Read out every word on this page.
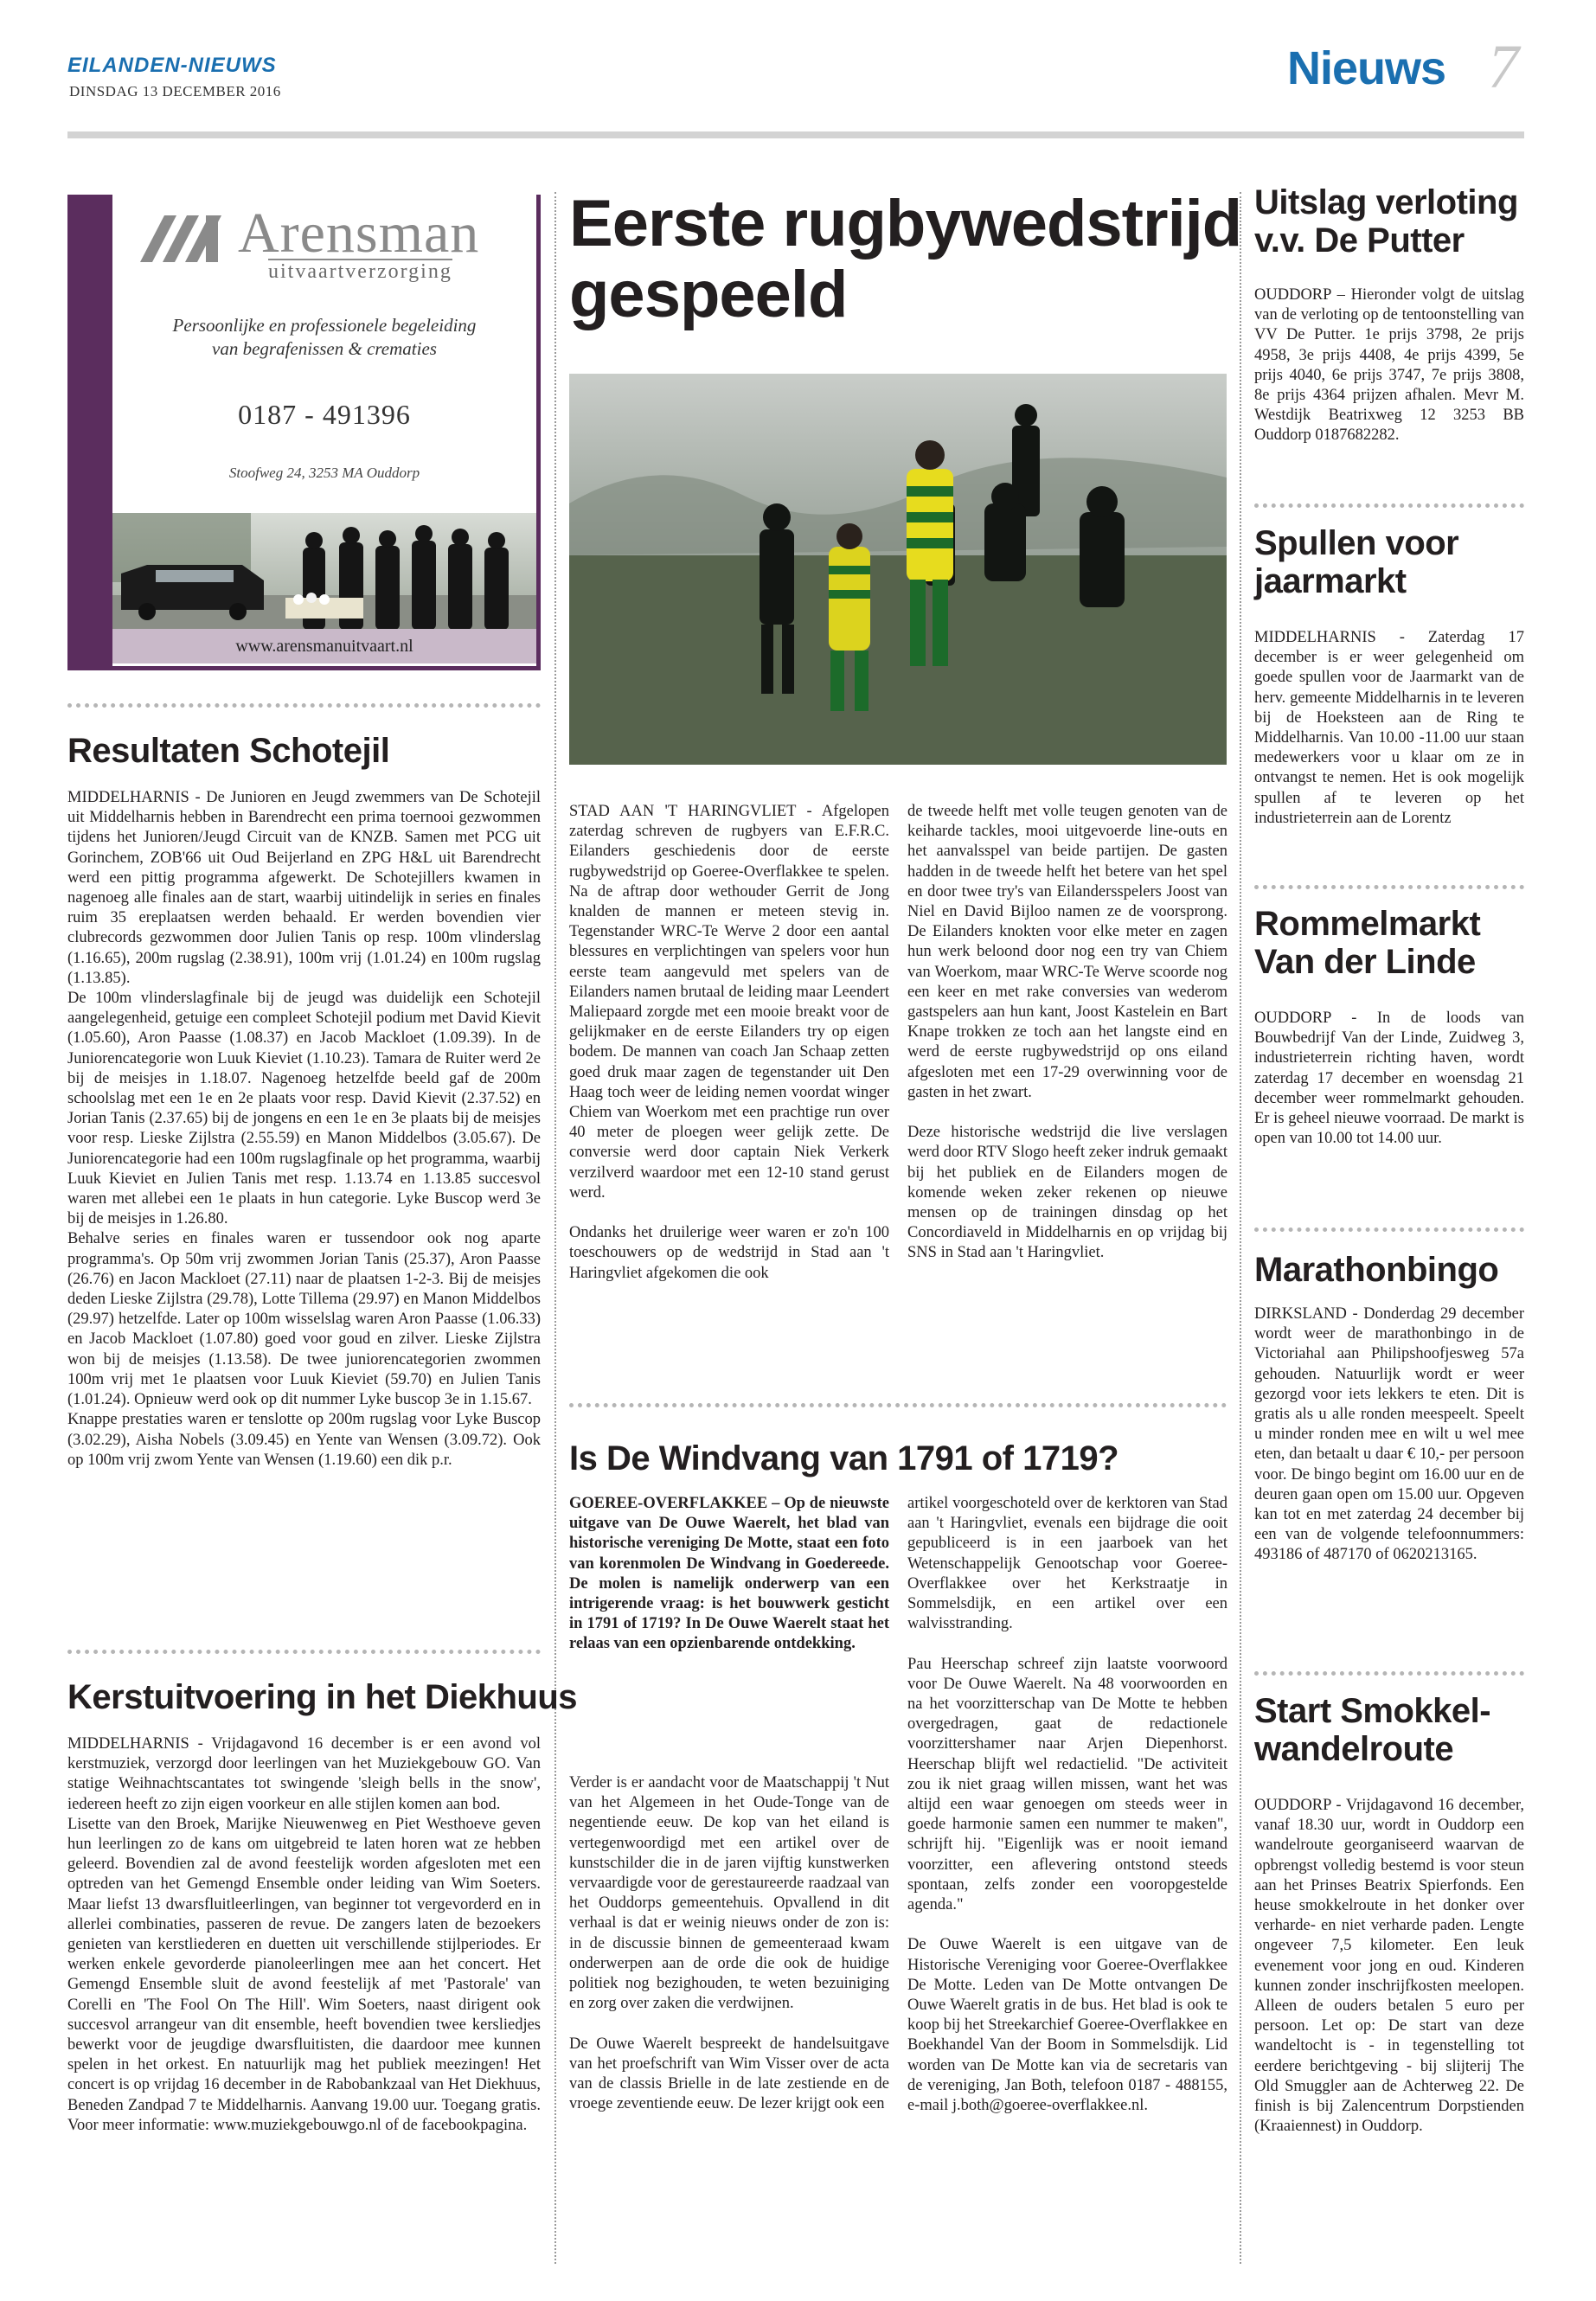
EILANDEN-NIEUWS
DINSDAG 13 DECEMBER 2016	Nieuws 7
Arensman
uitvaartverzorging
Persoonlijke en professionele begeleiding
van begrafenissen & crematies
0187 - 491396
Stoofweg 24, 3253 MA Ouddorp
www.arensmanuitvaart.nl
Resultaten Schotejil

MIDDELHARNIS - De Junioren en Jeugd zwemmers van De Schotejil uit Middelharnis hebben in Barendrecht een prima toernooi gezwommen tijdens het Junioren/Jeugd Circuit van de KNZB. Samen met PCG uit Gorinchem, ZOB'66 uit Oud Beijerland en ZPG H&L uit Barendrecht werd een pittig programma afgewerkt. De Schotejillers kwamen in nagenoeg alle finales aan de start, waarbij uitindelijk in series en finales ruim 35 ereplaatsen werden behaald. Er werden bovendien vier clubrecords gezwommen door Julien Tanis op resp. 100m vlinderslag (1.16.65), 200m rugslag (2.38.91), 100m vrij (1.01.24) en 100m rugslag (1.13.85).
De 100m vlinderslagfinale bij de jeugd was duidelijk een Schotejil aangelegenheid, getuige een compleet Schotejil podium met David Kievit (1.05.60), Aron Paasse (1.08.37) en Jacob Mackloet (1.09.39). In de Juniorencategorie won Luuk Kieviet (1.10.23). Tamara de Ruiter werd 2e bij de meisjes in 1.18.07. Nagenoeg hetzelfde beeld gaf de 200m schoolslag met een 1e en 2e plaats voor resp. David Kievit (2.37.52) en Jorian Tanis (2.37.65) bij de jongens en een 1e en 3e plaats bij de meisjes voor resp. Lieske Zijlstra (2.55.59) en Manon Middelbos (3.05.67). De Juniorencategorie had een 100m rugslagfinale op het programma, waarbij Luuk Kieviet en Julien Tanis met resp. 1.13.74 en 1.13.85 succesvol waren met allebei een 1e plaats in hun categorie. Lyke Buscop werd 3e bij de meisjes in 1.26.80.
Behalve series en finales waren er tussendoor ook nog aparte programma's. Op 50m vrij zwommen Jorian Tanis (25.37), Aron Paasse (26.76) en Jacon Mackloet (27.11) naar de plaatsen 1-2-3. Bij de meisjes deden Lieske Zijlstra (29.78), Lotte Tillema (29.97) en Manon Middelbos (29.97) hetzelfde. Later op 100m wisselslag waren Aron Paasse (1.06.33) en Jacob Mackloet (1.07.80) goed voor goud en zilver. Lieske Zijlstra won bij de meisjes (1.13.58). De twee juniorencategorien zwommen 100m vrij met 1e plaatsen voor Luuk Kieviet (59.70) en Julien Tanis (1.01.24). Opnieuw werd ook op dit nummer Lyke buscop 3e in 1.15.67.
Knappe prestaties waren er tenslotte op 200m rugslag voor Lyke Buscop (3.02.29), Aisha Nobels (3.09.45) en Yente van Wensen (3.09.72). Ook op 100m vrij zwom Yente van Wensen (1.19.60) een dik p.r.

Kerstuitvoering in het Diekhuus

MIDDELHARNIS - Vrijdagavond 16 december is er een avond vol kerstmuziek, verzorgd door leerlingen van het Muziekgebouw GO. Van statige Weihnachtscantates tot swingende 'sleigh bells in the snow', iedereen heeft zo zijn eigen voorkeur en alle stijlen komen aan bod.
Lisette van den Broek, Marijke Nieuwenweg en Piet Westhoeve geven hun leerlingen zo de kans om uitgebreid te laten horen wat ze hebben geleerd. Bovendien zal de avond feestelijk worden afgesloten met een optreden van het Gemengd Ensemble onder leiding van Wim Soeters. Maar liefst 13 dwarsfluitleerlingen, van beginner tot vergevorderd en in allerlei combinaties, passeren de revue. De zangers laten de bezoekers genieten van kerstliederen en duetten uit verschillende stijlperiodes. Er werken enkele gevorderde pianoleerlingen mee aan het concert. Het Gemengd Ensemble sluit de avond feestelijk af met 'Pastorale' van Corelli en 'The Fool On The Hill'. Wim Soeters, naast dirigent ook succesvol arrangeur van dit ensemble, heeft bovendien twee kersliedjes bewerkt voor de jeugdige dwarsfluitisten, die daardoor mee kunnen spelen in het orkest. En natuurlijk mag het publiek meezingen! Het concert is op vrijdag 16 december in de Rabobankzaal van Het Diekhuus, Beneden Zandpad 7 te Middelharnis. Aanvang 19.00 uur. Toegang gratis. Voor meer informatie: www.muziekgebouwgo.nl of de facebookpagina.

Eerste rugbywedstrijd
gespeeld

STAD AAN 'T HARINGVLIET - Afgelopen zaterdag schreven de rugbyers van E.F.R.C. Eilanders geschiedenis door de eerste rugbywedstrijd op Goeree-Overflakkee te spelen. Na de aftrap door wethouder Gerrit de Jong knalden de mannen er meteen stevig in. Tegenstander WRC-Te Werve 2 door een aantal blessures en verplichtingen van spelers voor hun eerste team aangevuld met spelers van de Eilanders namen brutaal de leiding maar Leendert Maliepaard zorgde met een mooie breakt voor de gelijkmaker en de eerste Eilanders try op eigen bodem. De mannen van coach Jan Schaap zetten goed druk maar zagen de tegenstander uit Den Haag toch weer de leiding nemen voordat winger Chiem van Woerkom met een prachtige run over 40 meter de ploegen weer gelijk zette. De conversie werd door captain Niek Verkerk verzilverd waardoor met een 12-10 stand gerust werd.

Ondanks het druilerige weer waren er zo'n 100 toeschouwers op de wedstrijd in Stad aan 't Haringvliet afgekomen die ook

de tweede helft met volle teugen genoten van de keiharde tackles, mooi uitgevoerde line-outs en het aanvalsspel van beide partijen. De gasten hadden in de tweede helft het betere van het spel en door twee try's van Eilandersspelers Joost van Niel en David Bijloo namen ze de voorsprong. De Eilanders knokten voor elke meter en zagen hun werk beloond door nog een try van Chiem van Woerkom, maar WRC-Te Werve scoorde nog een keer en met rake conversies van wederom gastspelers aan hun kant, Joost Kastelein en Bart Knape trokken ze toch aan het langste eind en werd de eerste rugbywedstrijd op ons eiland afgesloten met een 17-29 overwinning voor de gasten in het zwart.

Deze historische wedstrijd die live verslagen werd door RTV Slogo heeft zeker indruk gemaakt bij het publiek en de Eilanders mogen de komende weken zeker rekenen op nieuwe mensen op de trainingen dinsdag op het Concordiaveld in Middelharnis en op vrijdag bij SNS in Stad aan 't Haringvliet.

Is De Windvang van 1791 of 1719?

GOEREE-OVERFLAKKEE – Op de nieuwste uitgave van De Ouwe Waerelt, het blad van historische vereniging De Motte, staat een foto van korenmolen De Windvang in Goedereede. De molen is namelijk onderwerp van een intrigerende vraag: is het bouwwerk gesticht in 1791 of 1719? In De Ouwe Waerelt staat het relaas van een opzienbarende ontdekking.

Verder is er aandacht voor de Maatschappij 't Nut van het Algemeen in het Oude-Tonge van de negentiende eeuw. De kop van het eiland is vertegenwoordigd met een artikel over de kunstschilder die in de jaren vijftig kunstwerken vervaardigde voor de gerestaureerde raadzaal van het Ouddorps gemeentehuis. Opvallend in dit verhaal is dat er weinig nieuws onder de zon is: in de discussie binnen de gemeenteraad kwam onderwerpen aan de orde die ook de huidige politiek nog bezighouden, te weten bezuiniging en zorg over zaken die verdwijnen.

De Ouwe Waerelt bespreekt de handelsuitgave van het proefschrift van Wim Visser over de acta van de classis Brielle in de late zestiende en de vroege zeventiende eeuw. De lezer krijgt ook een

artikel voorgeschoteld over de kerktoren van Stad aan 't Haringvliet, evenals een bijdrage die ooit gepubliceerd is in een jaarboek van het Wetenschappelijk Genootschap voor Goeree-Overflakkee over het Kerkstraatje in Sommelsdijk, en een artikel over een walvisstranding.

Pau Heerschap schreef zijn laatste voorwoord voor De Ouwe Waerelt. Na 48 voorwoorden en na het voorzitterschap van De Motte te hebben overgedragen, gaat de redactionele voorzittershamer naar Arjen Diepenhorst. Heerschap blijft wel redactielid. "De activiteit zou ik niet graag willen missen, want het was altijd een waar genoegen om steeds weer in goede harmonie samen een nummer te maken", schrijft hij. "Eigenlijk was er nooit iemand voorzitter, een aflevering ontstond steeds spontaan, zelfs zonder een vooropgestelde agenda."

De Ouwe Waerelt is een uitgave van de Historische Vereniging voor Goeree-Overflakkee De Motte. Leden van De Motte ontvangen De Ouwe Waerelt gratis in de bus. Het blad is ook te koop bij het Streekarchief Goeree-Overflakkee en Boekhandel Van der Boom in Sommelsdijk. Lid worden van De Motte kan via de secretaris van de vereniging, Jan Both, telefoon 0187 - 488155, e-mail j.both@goeree-overflakkee.nl.

Uitslag verloting
v.v. De Putter

OUDDORP – Hieronder volgt de uitslag van de verloting op de tentoonstelling van VV De Putter. 1e prijs 3798, 2e prijs 4958, 3e prijs 4408, 4e prijs 4399, 5e prijs 4040, 6e prijs 3747, 7e prijs 3808, 8e prijs 4364 prijzen afhalen. Mevr M. Westdijk Beatrixweg 12 3253 BB Ouddorp 0187682282.

Spullen voor
jaarmarkt

MIDDELHARNIS - Zaterdag 17 december is er weer gelegenheid om goede spullen voor de Jaarmarkt van de herv. gemeente Middelharnis in te leveren bij de Hoeksteen aan de Ring te Middelharnis. Van 10.00 -11.00 uur staan medewerkers voor u klaar om ze in ontvangst te nemen. Het is ook mogelijk spullen af te leveren op het industrieterrein aan de Lorentz

Rommelmarkt
Van der Linde

OUDDORP - In de loods van Bouwbedrijf Van der Linde, Zuidweg 3, industrieterrein richting haven, wordt zaterdag 17 december en woensdag 21 december weer rommelmarkt gehouden. Er is geheel nieuwe voorraad. De markt is open van 10.00 tot 14.00 uur.

Marathonbingo

DIRKSLAND - Donderdag 29 december wordt weer de marathonbingo in de Victoriahal aan Philipshoofjesweg 57a gehouden. Natuurlijk wordt er weer gezorgd voor iets lekkers te eten. Dit is gratis als u alle ronden meespeelt. Speelt u minder ronden mee en wilt u wel mee eten, dan betaalt u daar € 10,- per persoon voor. De bingo begint om 16.00 uur en de deuren gaan open om 15.00 uur. Opgeven kan tot en met zaterdag 24 december bij een van de volgende telefoonnummers: 493186 of 487170 of 0620213165.

Start Smokkel-
wandelroute

OUDDORP - Vrijdagavond 16 december, vanaf 18.30 uur, wordt in Ouddorp een wandelroute georganiseerd waarvan de opbrengst volledig bestemd is voor steun aan het Prinses Beatrix Spierfonds. Een heuse smokkelroute in het donker over verharde- en niet verharde paden. Lengte ongeveer 7,5 kilometer. Een leuk evenement voor jong en oud. Kinderen kunnen zonder inschrijfkosten meelopen. Alleen de ouders betalen 5 euro per persoon. Let op: De start van deze wandeltocht is - in tegenstelling tot eerdere berichtgeving - bij slijterij The Old Smuggler aan de Achterweg 22. De finish is bij Zalencentrum Dorpstienden (Kraaiennest) in Ouddorp.
